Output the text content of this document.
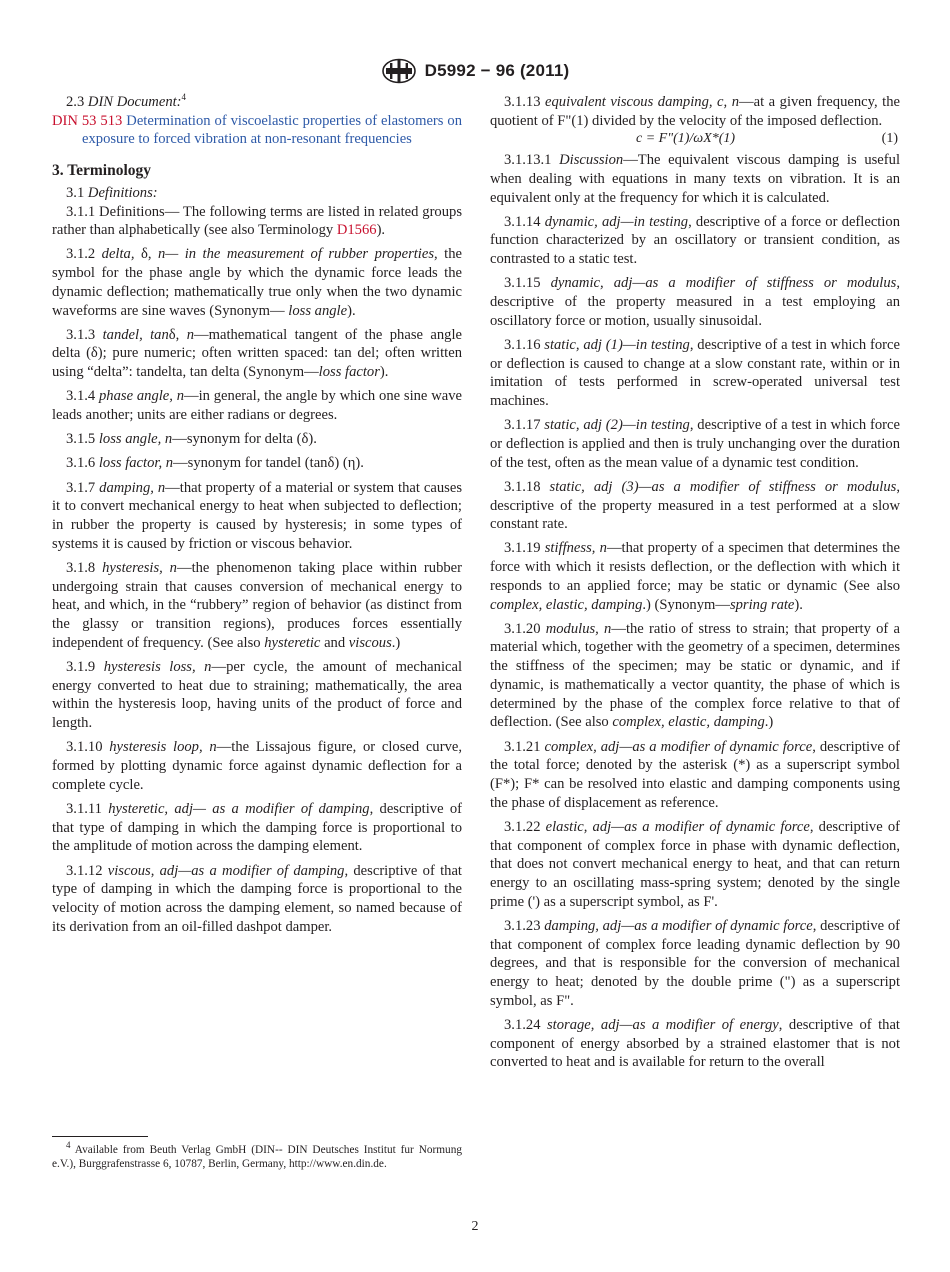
D5992 − 96 (2011)

2.3 DIN Document:$^4$

DIN 53 513 Determination of viscoelastic properties of elastomers on exposure to forced vibration at non-resonant frequencies

3. Terminology

3.1 Definitions:

3.1.1 Definitions— The following terms are listed in related groups rather than alphabetically (see also Terminology D1566).

3.1.2 delta, δ, n— in the measurement of rubber properties, the symbol for the phase angle by which the dynamic force leads the dynamic deflection; mathematically true only when the two dynamic waveforms are sine waves (Synonym— loss angle).

3.1.3 tandel, tanδ, n—mathematical tangent of the phase angle delta (δ); pure numeric; often written spaced: tan del; often written using “delta”: tandelta, tan delta (Synonym—loss factor).

3.1.4 phase angle, n—in general, the angle by which one sine wave leads another; units are either radians or degrees.

3.1.5 loss angle, n—synonym for delta (δ).

3.1.6 loss factor, n—synonym for tandel (tanδ) (η).

3.1.7 damping, n—that property of a material or system that causes it to convert mechanical energy to heat when subjected to deflection; in rubber the property is caused by hysteresis; in some types of systems it is caused by friction or viscous behavior.

3.1.8 hysteresis, n—the phenomenon taking place within rubber undergoing strain that causes conversion of mechanical energy to heat, and which, in the “rubbery” region of behavior (as distinct from the glassy or transition regions), produces forces essentially independent of frequency. (See also hysteretic and viscous.)

3.1.9 hysteresis loss, n—per cycle, the amount of mechanical energy converted to heat due to straining; mathematically, the area within the hysteresis loop, having units of the product of force and length.

3.1.10 hysteresis loop, n—the Lissajous figure, or closed curve, formed by plotting dynamic force against dynamic deflection for a complete cycle.

3.1.11 hysteretic, adj— as a modifier of damping, descriptive of that type of damping in which the damping force is proportional to the amplitude of motion across the damping element.

3.1.12 viscous, adj—as a modifier of damping, descriptive of that type of damping in which the damping force is proportional to the velocity of motion across the damping element, so named because of its derivation from an oil-filled dashpot damper.

3.1.13 equivalent viscous damping, c, n—at a given frequency, the quotient of F"(1) divided by the velocity of the imposed deflection.

c = F"(1)/ωX*(1)	(1)

3.1.13.1 Discussion—The equivalent viscous damping is useful when dealing with equations in many texts on vibration. It is an equivalent only at the frequency for which it is calculated.

3.1.14 dynamic, adj—in testing, descriptive of a force or deflection function characterized by an oscillatory or transient condition, as contrasted to a static test.

3.1.15 dynamic, adj—as a modifier of stiffness or modulus, descriptive of the property measured in a test employing an oscillatory force or motion, usually sinusoidal.

3.1.16 static, adj (1)—in testing, descriptive of a test in which force or deflection is caused to change at a slow constant rate, within or in imitation of tests performed in screw-operated universal test machines.

3.1.17 static, adj (2)—in testing, descriptive of a test in which force or deflection is applied and then is truly unchanging over the duration of the test, often as the mean value of a dynamic test condition.

3.1.18 static, adj (3)—as a modifier of stiffness or modulus, descriptive of the property measured in a test performed at a slow constant rate.

3.1.19 stiffness, n—that property of a specimen that determines the force with which it resists deflection, or the deflection with which it responds to an applied force; may be static or dynamic (See also complex, elastic, damping.) (Synonym—spring rate).

3.1.20 modulus, n—the ratio of stress to strain; that property of a material which, together with the geometry of a specimen, determines the stiffness of the specimen; may be static or dynamic, and if dynamic, is mathematically a vector quantity, the phase of which is determined by the phase of the complex force relative to that of deflection. (See also complex, elastic, damping.)

3.1.21 complex, adj—as a modifier of dynamic force, descriptive of the total force; denoted by the asterisk (*) as a superscript symbol (F*); F* can be resolved into elastic and damping components using the phase of displacement as reference.

3.1.22 elastic, adj—as a modifier of dynamic force, descriptive of that component of complex force in phase with dynamic deflection, that does not convert mechanical energy to heat, and that can return energy to an oscillating mass-spring system; denoted by the single prime (') as a superscript symbol, as F'.

3.1.23 damping, adj—as a modifier of dynamic force, descriptive of that component of complex force leading dynamic deflection by 90 degrees, and that is responsible for the conversion of mechanical energy to heat; denoted by the double prime (") as a superscript symbol, as F".

3.1.24 storage, adj—as a modifier of energy, descriptive of that component of energy absorbed by a strained elastomer that is not converted to heat and is available for return to the overall

$^4$ Available from Beuth Verlag GmbH (DIN-- DIN Deutsches Institut fur Normung e.V.), Burggrafenstrasse 6, 10787, Berlin, Germany, http://www.en.din.de.
2
